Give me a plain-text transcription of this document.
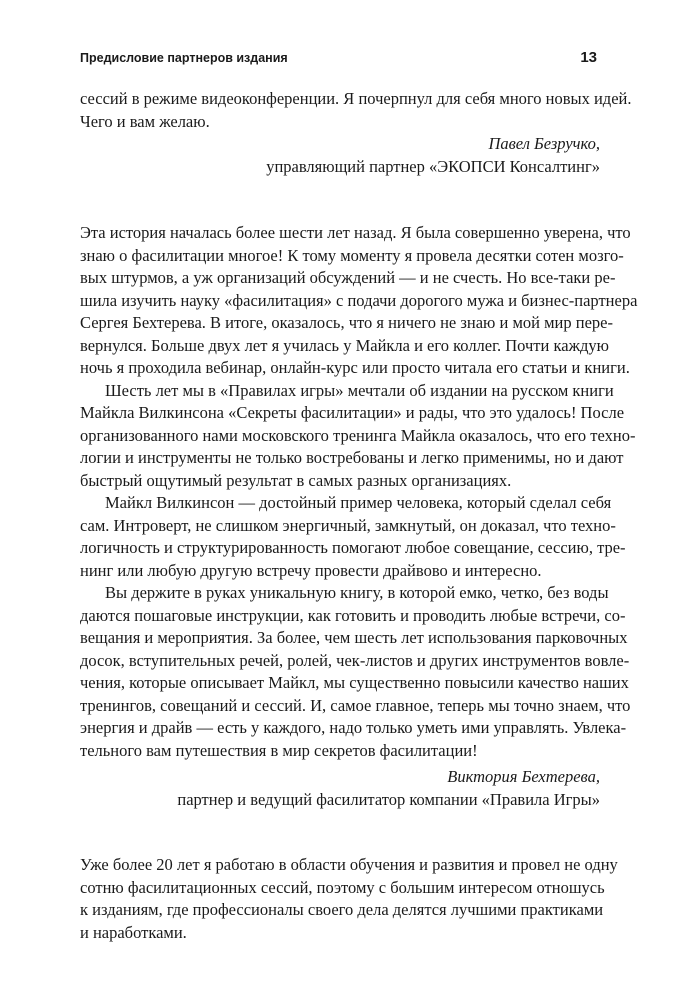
Предисловие партнеров издания	13
сессий в режиме видеоконференции. Я почерпнул для себя много новых идей.
Чего и вам желаю.
Павел Безручко,
управляющий партнер «ЭКОПСИ Консалтинг»
Эта история началась более шести лет назад. Я была совершенно уверена, что
знаю о фасилитации многое! К тому моменту я провела десятки сотен мозго-
вых штурмов, а уж организаций обсуждений — и не счесть. Но все-таки ре-
шила изучить науку «фасилитация» с подачи дорогого мужа и бизнес-партнера
Сергея Бехтерева. В итоге, оказалось, что я ничего не знаю и мой мир пере-
вернулся. Больше двух лет я училась у Майкла и его коллег. Почти каждую
ночь я проходила вебинар, онлайн-курс или просто читала его статьи и книги.
Шесть лет мы в «Правилах игры» мечтали об издании на русском книги
Майкла Вилкинсона «Секреты фасилитации» и рады, что это удалось! После
организованного нами московского тренинга Майкла оказалось, что его техно-
логии и инструменты не только востребованы и легко применимы, но и дают
быстрый ощутимый результат в самых разных организациях.
Майкл Вилкинсон — достойный пример человека, который сделал себя
сам. Интроверт, не слишком энергичный, замкнутый, он доказал, что техно-
логичность и структурированность помогают любое совещание, сессию, тре-
нинг или любую другую встречу провести драйвово и интересно.
Вы держите в руках уникальную книгу, в которой емко, четко, без воды
даются пошаговые инструкции, как готовить и проводить любые встречи, со-
вещания и мероприятия. За более, чем шесть лет использования парковочных
досок, вступительных речей, ролей, чек-листов и других инструментов вовле-
чения, которые описывает Майкл, мы существенно повысили качество наших
тренингов, совещаний и сессий. И, самое главное, теперь мы точно знаем, что
энергия и драйв — есть у каждого, надо только уметь ими управлять. Увлека-
тельного вам путешествия в мир секретов фасилитации!
Виктория Бехтерева,
партнер и ведущий фасилитатор компании «Правила Игры»
Уже более 20 лет я работаю в области обучения и развития и провел не одну
сотню фасилитационных сессий, поэтому с большим интересом отношусь
к изданиям, где профессионалы своего дела делятся лучшими практиками
и наработками.
